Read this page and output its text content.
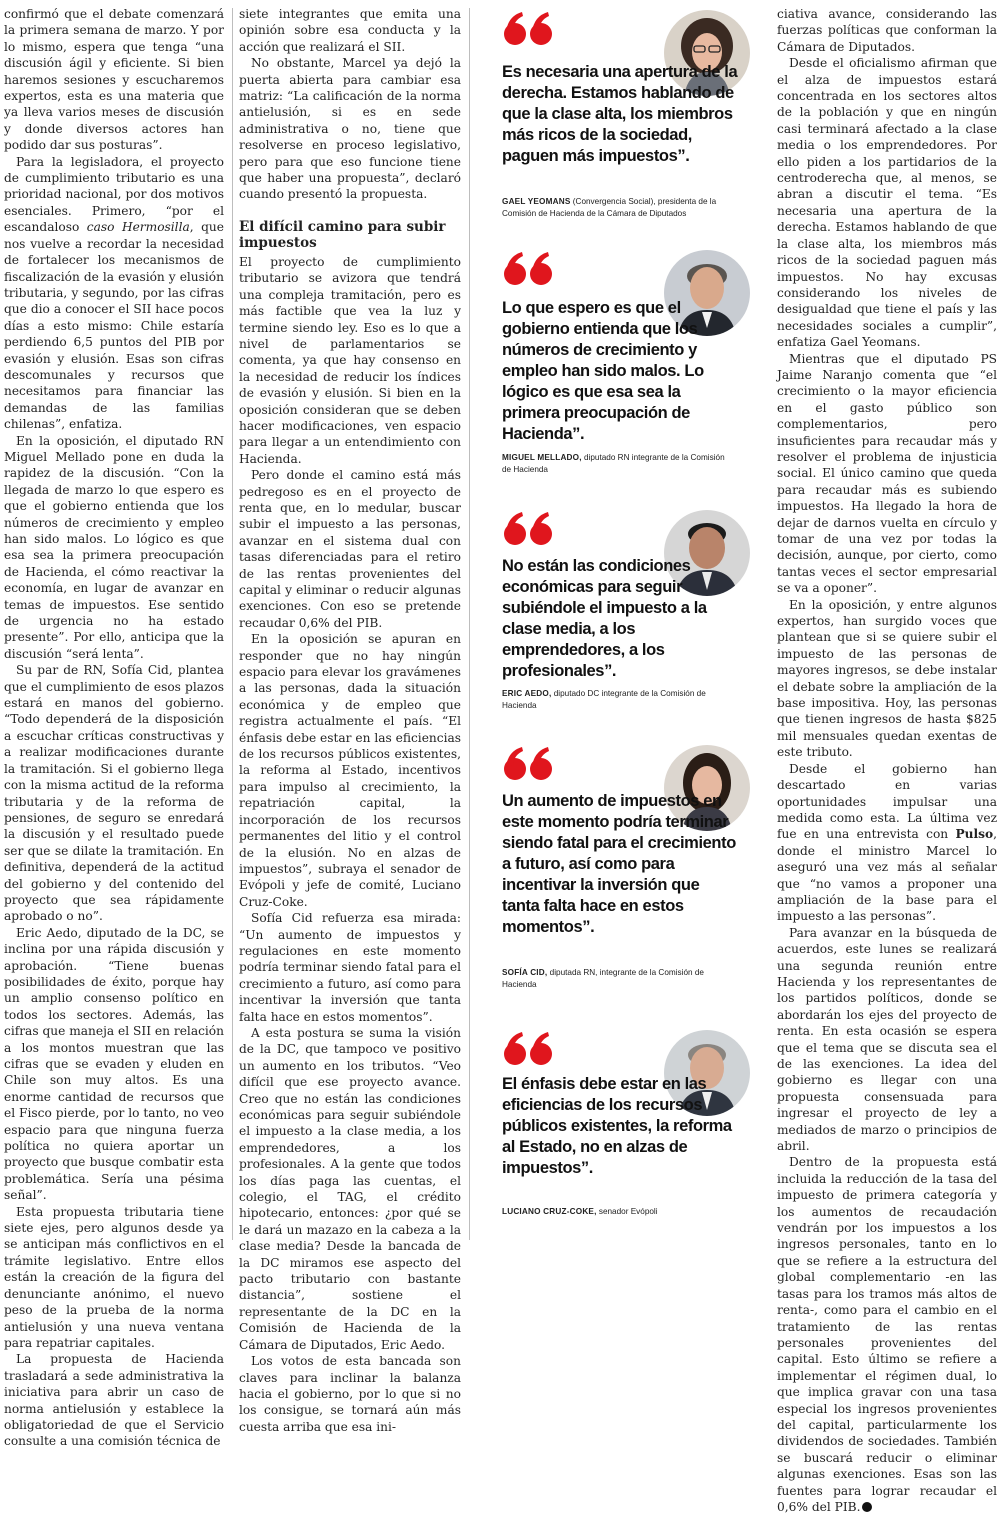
confirmó que el debate comenzará la primera semana de marzo. Y por lo mismo, espera que tenga “una discusión ágil y eficiente. Si bien haremos sesiones y escucharemos expertos, esta es una materia que ya lleva varios meses de discusión y donde diversos actores han podido dar sus posturas”.

Para la legisladora, el proyecto de cumplimiento tributario es una prioridad nacional, por dos motivos esenciales. Primero, “por el escandaloso caso Hermosilla, que nos vuelve a recordar la necesidad de fortalecer los mecanismos de fiscalización de la evasión y elusión tributaria, y segundo, por las cifras que dio a conocer el SII hace pocos días a esto mismo: Chile estaría perdiendo 6,5 puntos del PIB por evasión y elusión. Esas son cifras descomunales y recursos que necesitamos para financiar las demandas de las familias chilenas”, enfatiza.

En la oposición, el diputado RN Miguel Mellado pone en duda la rapidez de la discusión. “Con la llegada de marzo lo que espero es que el gobierno entienda que los números de crecimiento y empleo han sido malos. Lo lógico es que esa sea la primera preocupación de Hacienda, el cómo reactivar la economía, en lugar de avanzar en temas de impuestos. Ese sentido de urgencia no ha estado presente”. Por ello, anticipa que la discusión “será lenta”.

Su par de RN, Sofía Cid, plantea que el cumplimiento de esos plazos estará en manos del gobierno. “Todo dependerá de la disposición a escuchar críticas constructivas y a realizar modificaciones durante la tramitación. Si el gobierno llega con la misma actitud de la reforma tributaria y de la reforma de pensiones, de seguro se enredará la discusión y el resultado puede ser que se dilate la tramitación. En definitiva, dependerá de la actitud del gobierno y del contenido del proyecto que sea rápidamente aprobado o no”.

Eric Aedo, diputado de la DC, se inclina por una rápida discusión y aprobación. “Tiene buenas posibilidades de éxito, porque hay un amplio consenso político en todos los sectores. Además, las cifras que maneja el SII en relación a los montos muestran que las cifras que se evaden y eluden en Chile son muy altos. Es una enorme cantidad de recursos que el Fisco pierde, por lo tanto, no veo espacio para que ninguna fuerza política no quiera aportar un proyecto que busque combatir esta problemática. Sería una pésima señal”.

Esta propuesta tributaria tiene siete ejes, pero algunos desde ya se anticipan más conflictivos en el trámite legislativo. Entre ellos están la creación de la figura del denunciante anónimo, el nuevo peso de la prueba de la norma antielusión y una nueva ventana para repatriar capitales.

La propuesta de Hacienda trasladará a sede administrativa la iniciativa para abrir un caso de norma antielusión y establece la obligatoriedad de que el Servicio consulte a una comisión técnica de

siete integrantes que emita una opinión sobre esa conducta y la acción que realizará el SII.

No obstante, Marcel ya dejó la puerta abierta para cambiar esa matriz: “La calificación de la norma antielusión, si es en sede administrativa o no, tiene que resolverse en proceso legislativo, pero para que eso funcione tiene que haber una propuesta”, declaró cuando presentó la propuesta.

El difícil camino para subir impuestos

El proyecto de cumplimiento tributario se avizora que tendrá una compleja tramitación, pero es más factible que vea la luz y termine siendo ley. Eso es lo que a nivel de parlamentarios se comenta, ya que hay consenso en la necesidad de reducir los índices de evasión y elusión. Si bien en la oposición consideran que se deben hacer modificaciones, ven espacio para llegar a un entendimiento con Hacienda.

Pero donde el camino está más pedregoso es en el proyecto de renta que, en lo medular, buscar subir el impuesto a las personas, avanzar en el sistema dual con tasas diferenciadas para el retiro de las rentas provenientes del capital y eliminar o reducir algunas exenciones. Con eso se pretende recaudar 0,6% del PIB.

En la oposición se apuran en responder que no hay ningún espacio para elevar los gravámenes a las personas, dada la situación económica y de empleo que registra actualmente el país. “El énfasis debe estar en las eficiencias de los recursos públicos existentes, la reforma al Estado, incentivos para impulso al crecimiento, la repatriación capital, la incorporación de los recursos permanentes del litio y el control de la elusión. No en alzas de impuestos”, subraya el senador de Evópoli y jefe de comité, Luciano Cruz-Coke.

Sofía Cid refuerza esa mirada: “Un aumento de impuestos y regulaciones en este momento podría terminar siendo fatal para el crecimiento a futuro, así como para incentivar la inversión que tanta falta hace en estos momentos”.

A esta postura se suma la visión de la DC, que tampoco ve positivo un aumento en los tributos. “Veo difícil que ese proyecto avance. Creo que no están las condiciones económicas para seguir subiéndole el impuesto a la clase media, a los emprendedores, a los profesionales. A la gente que todos los días paga las cuentas, el colegio, el TAG, el crédito hipotecario, entonces: ¿por qué se le dará un mazazo en la cabeza a la clase media? Desde la bancada de la DC miramos ese aspecto del pacto tributario con bastante distancia”, sostiene el representante de la DC en la Comisión de Hacienda de la Cámara de Diputados, Eric Aedo.

Los votos de esta bancada son claves para inclinar la balanza hacia el gobierno, por lo que si no los consigue, se tornará aún más cuesta arriba que esa ini-

Es necesaria una apertura de la derecha. Estamos hablando de que la clase alta, los miembros más ricos de la sociedad, paguen más impuestos”.
GAEL YEOMANS (Convergencia Social), presidenta de la Comisión de Hacienda de la Cámara de Diputados
Lo que espero es que el gobierno entienda que los números de crecimiento y empleo han sido malos. Lo lógico es que esa sea la primera preocupación de Hacienda”.
MIGUEL MELLADO, diputado RN integrante de la Comisión de Hacienda
No están las condiciones económicas para seguir subiéndole el impuesto a la clase media, a los emprendedores, a los profesionales”.
ERIC AEDO, diputado DC integrante de la Comisión de Hacienda
Un aumento de impuestos en este momento podría terminar siendo fatal para el crecimiento a futuro, así como para incentivar la inversión que tanta falta hace en estos momentos”.
SOFÍA CID, diputada RN, integrante de la Comisión de Hacienda
El énfasis debe estar en las eficiencias de los recursos públicos existentes, la reforma al Estado, no en alzas de impuestos”.
LUCIANO CRUZ-COKE, senador Evópoli

ciativa avance, considerando las fuerzas políticas que conforman la Cámara de Diputados.

Desde el oficialismo afirman que el alza de impuestos estará concentrada en los sectores altos de la población y que en ningún casi terminará afectado a la clase media o los emprendedores. Por ello piden a los partidarios de la centroderecha que, al menos, se abran a discutir el tema. “Es necesaria una apertura de la derecha. Estamos hablando de que la clase alta, los miembros más ricos de la sociedad paguen más impuestos. No hay excusas considerando los niveles de desigualdad que tiene el país y las necesidades sociales a cumplir”, enfatiza Gael Yeomans.

Mientras que el diputado PS Jaime Naranjo comenta que “el crecimiento o la mayor eficiencia en el gasto público son complementarios, pero insuficientes para recaudar más y resolver el problema de injusticia social. El único camino que queda para recaudar más es subiendo impuestos. Ha llegado la hora de dejar de darnos vuelta en círculo y tomar de una vez por todas la decisión, aunque, por cierto, como tantas veces el sector empresarial se va a oponer”.

En la oposición, y entre algunos expertos, han surgido voces que plantean que si se quiere subir el impuesto de las personas de mayores ingresos, se debe instalar el debate sobre la ampliación de la base impositiva. Hoy, las personas que tienen ingresos de hasta $825 mil mensuales quedan exentas de este tributo.

Desde el gobierno han descartado en varias oportunidades impulsar una medida como esta. La última vez fue en una entrevista con Pulso, donde el ministro Marcel lo aseguró una vez más al señalar que “no vamos a proponer una ampliación de la base para el impuesto a las personas”.

Para avanzar en la búsqueda de acuerdos, este lunes se realizará una segunda reunión entre Hacienda y los representantes de los partidos políticos, donde se abordarán los ejes del proyecto de renta. En esta ocasión se espera que el tema que se discuta sea el de las exenciones. La idea del gobierno es llegar con una propuesta consensuada para ingresar el proyecto de ley a mediados de marzo o principios de abril.

Dentro de la propuesta está incluida la reducción de la tasa del impuesto de primera categoría y los aumentos de recaudación vendrán por los impuestos a los ingresos personales, tanto en lo que se refiere a la estructura del global complementario -en las tasas para los tramos más altos de renta-, como para el cambio en el tratamiento de las rentas personales provenientes del capital. Esto último se refiere a implementar el régimen dual, lo que implica gravar con una tasa especial los ingresos provenientes del capital, particularmente los dividendos de sociedades. También se buscará reducir o eliminar algunas exenciones. Esas son las fuentes para lograr recaudar el 0,6% del PIB. P
